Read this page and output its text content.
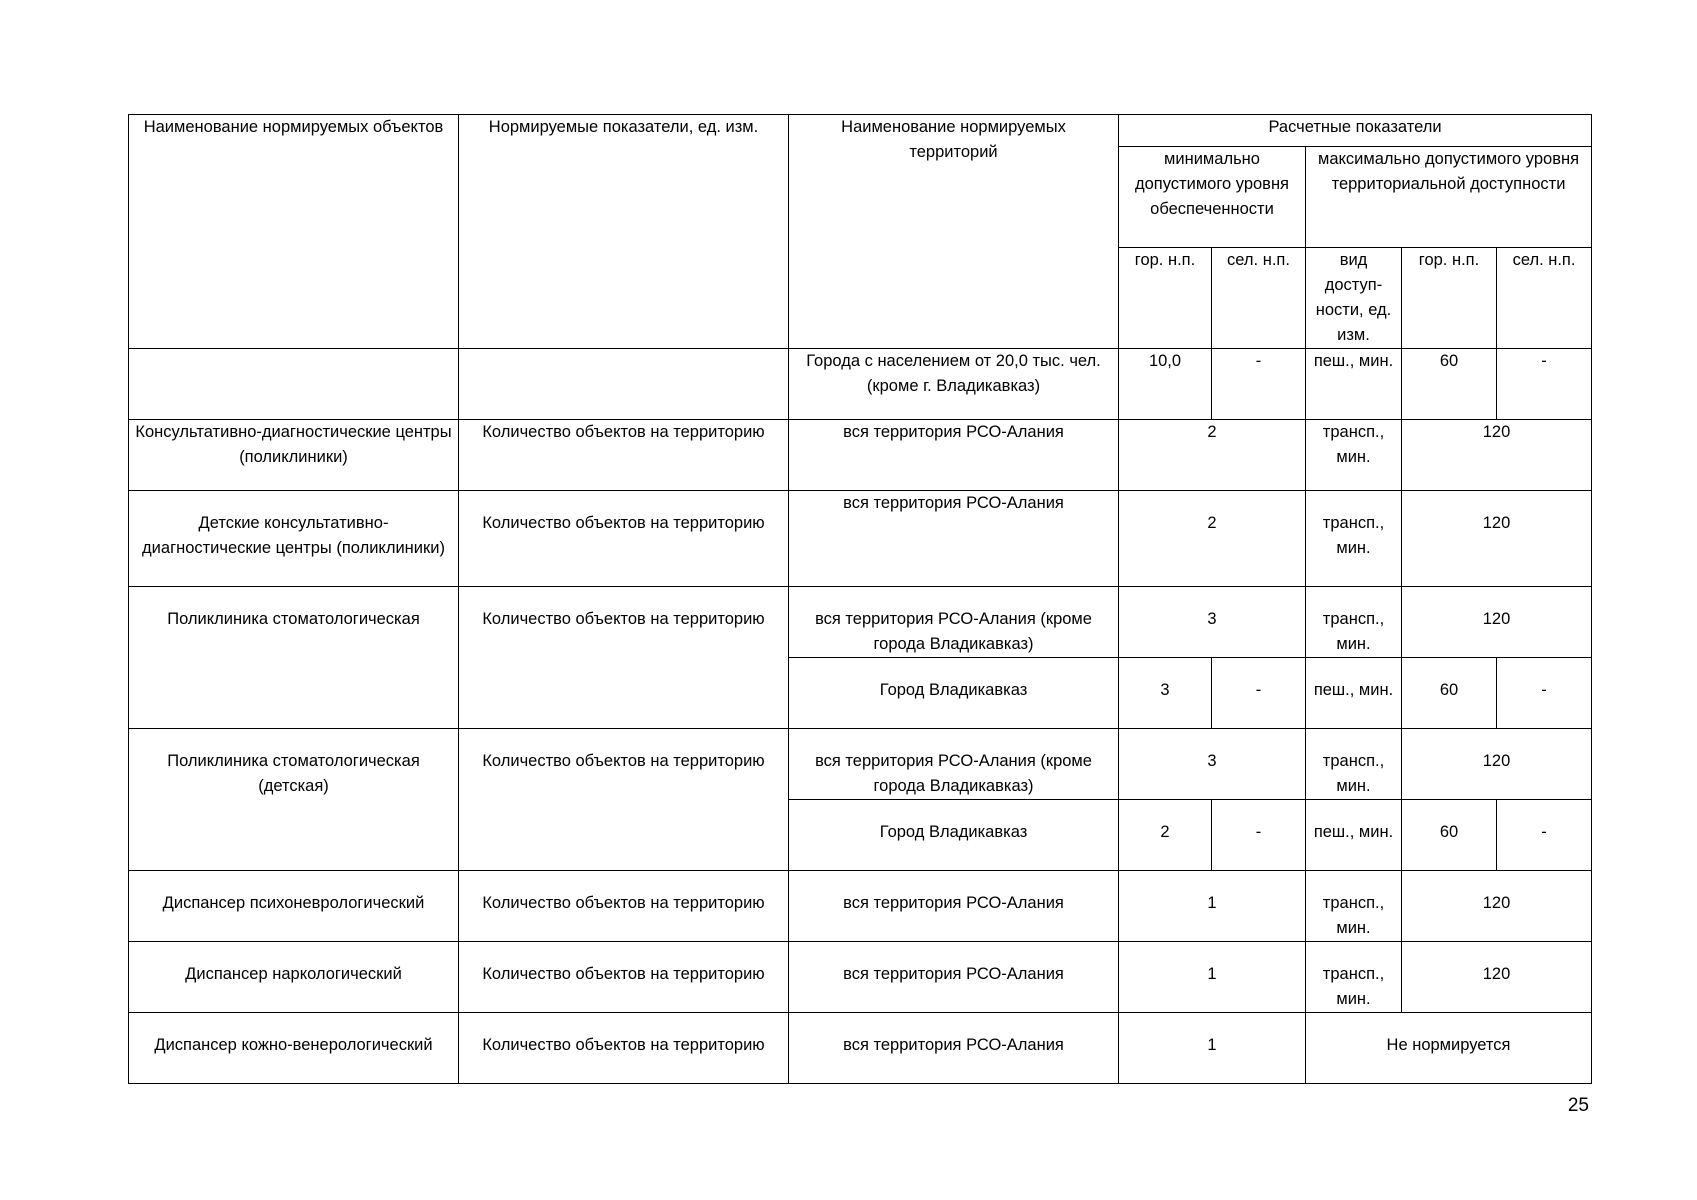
Наименование нормируемых объектов	Нормируемые показатели, ед. изм.	Наименование нормируемых территорий	Расчетные показатели				
			минимально допустимого уровня обеспеченности		максимально допустимого уровня территориальной доступности		
			гор. н.п.	сел. н.п.	вид доступ-ности, ед. изм.	гор. н.п.	сел. н.п.
		Города с населением от 20,0 тыс. чел. (кроме г. Владикавказ)	10,0	-	пеш., мин.	60	-
Консультативно-диагностические центры (поликлиники)	Количество объектов на территорию	вся территория РСО-Алания	2		трансп., мин.	120	
Детские консультативно-диагностические центры (поликлиники)	Количество объектов на территорию	вся территория РСО-Алания	2		трансп., мин.	120	
Поликлиника стоматологическая	Количество объектов на территорию	вся территория РСО-Алания (кроме города Владикавказ)	3		трансп., мин.	120	
		Город Владикавказ	3	-	пеш., мин.	60	-
Поликлиника стоматологическая (детская)	Количество объектов на территорию	вся территория РСО-Алания (кроме города Владикавказ)	3		трансп., мин.	120	
		Город Владикавказ	2	-	пеш., мин.	60	-
Диспансер психоневрологический	Количество объектов на территорию	вся территория РСО-Алания	1		трансп., мин.	120	
Диспансер наркологический	Количество объектов на территорию	вся территория РСО-Алания	1		трансп., мин.	120	
Диспансер кожно-венерологический	Количество объектов на территорию	вся территория РСО-Алания	1		Не нормируется		
25
